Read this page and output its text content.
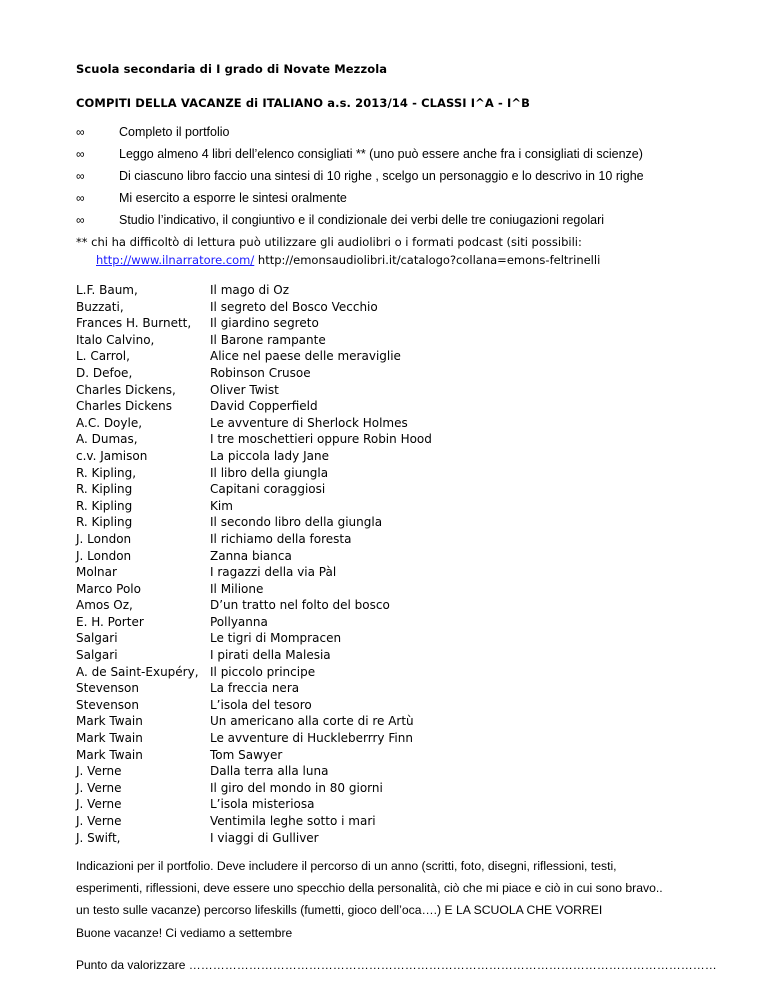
Scuola secondaria di I grado di Novate Mezzola
COMPITI DELLA VACANZE di ITALIANO a.s. 2013/14 - CLASSI I^A - I^B
∞	Completo il portfolio
∞	Leggo almeno 4 libri dell’elenco consigliati ** (uno può essere anche fra i consigliati di scienze)
∞	Di ciascuno libro faccio una sintesi di 10 righe , scelgo un personaggio e lo descrivo in 10 righe
∞	Mi esercito a esporre le sintesi oralmente
∞	Studio l’indicativo, il congiuntivo e il condizionale dei verbi delle tre coniugazioni regolari
** chi ha difficoltò di lettura può utilizzare gli audiolibri o i formati podcast (siti possibili:
http://www.ilnarratore.com/ http://emonsaudiolibri.it/catalogo?collana=emons-feltrinelli
L.F. Baum,	Il mago di Oz
Buzzati,	Il segreto del Bosco Vecchio
Frances H. Burnett, Il giardino segreto
Italo Calvino,	Il Barone rampante
L. Carrol,	Alice nel paese delle meraviglie
D. Defoe,	Robinson Crusoe
Charles Dickens,	Oliver Twist
Charles Dickens	David Copperfield
A.C. Doyle,	Le avventure di Sherlock Holmes
A. Dumas,	I tre moschettieri oppure Robin Hood
c.v. Jamison	La piccola lady Jane
R. Kipling,	Il libro della giungla
R. Kipling	Capitani coraggiosi
R. Kipling	Kim
R. Kipling	Il secondo libro della giungla
J. London	Il richiamo della foresta
J. London	Zanna bianca
Molnar	I ragazzi della via Pàl
Marco Polo	Il Milione
Amos Oz,	D’un tratto nel folto del bosco
E. H. Porter	Pollyanna
Salgari	Le tigri di Mompracen
Salgari	I pirati della Malesia
A. de Saint-Exupéry, Il piccolo principe
Stevenson	La freccia nera
Stevenson	L’isola del tesoro
Mark Twain	Un americano alla corte di re Artù
Mark Twain	Le avventure di Huckleberrry Finn
Mark Twain	Tom Sawyer
J. Verne	Dalla terra alla luna
J. Verne	Il giro del mondo in 80 giorni
J. Verne	L’isola misteriosa
J. Verne	Ventimila leghe sotto i mari
J. Swift,	I viaggi di Gulliver
Indicazioni per il portfolio. Deve includere il percorso di un anno (scritti, foto, disegni, riflessioni, testi,
esperimenti, riflessioni, deve essere uno specchio della personalità, ciò che mi piace e ciò in cui sono bravo..
un testo sulle vacanze) percorso lifeskills (fumetti, gioco dell’oca….) E LA SCUOLA CHE VORREI
Buone vacanze! Ci vediamo a settembre
Punto da valorizzare ……………………………………………………………………………………………………………………
